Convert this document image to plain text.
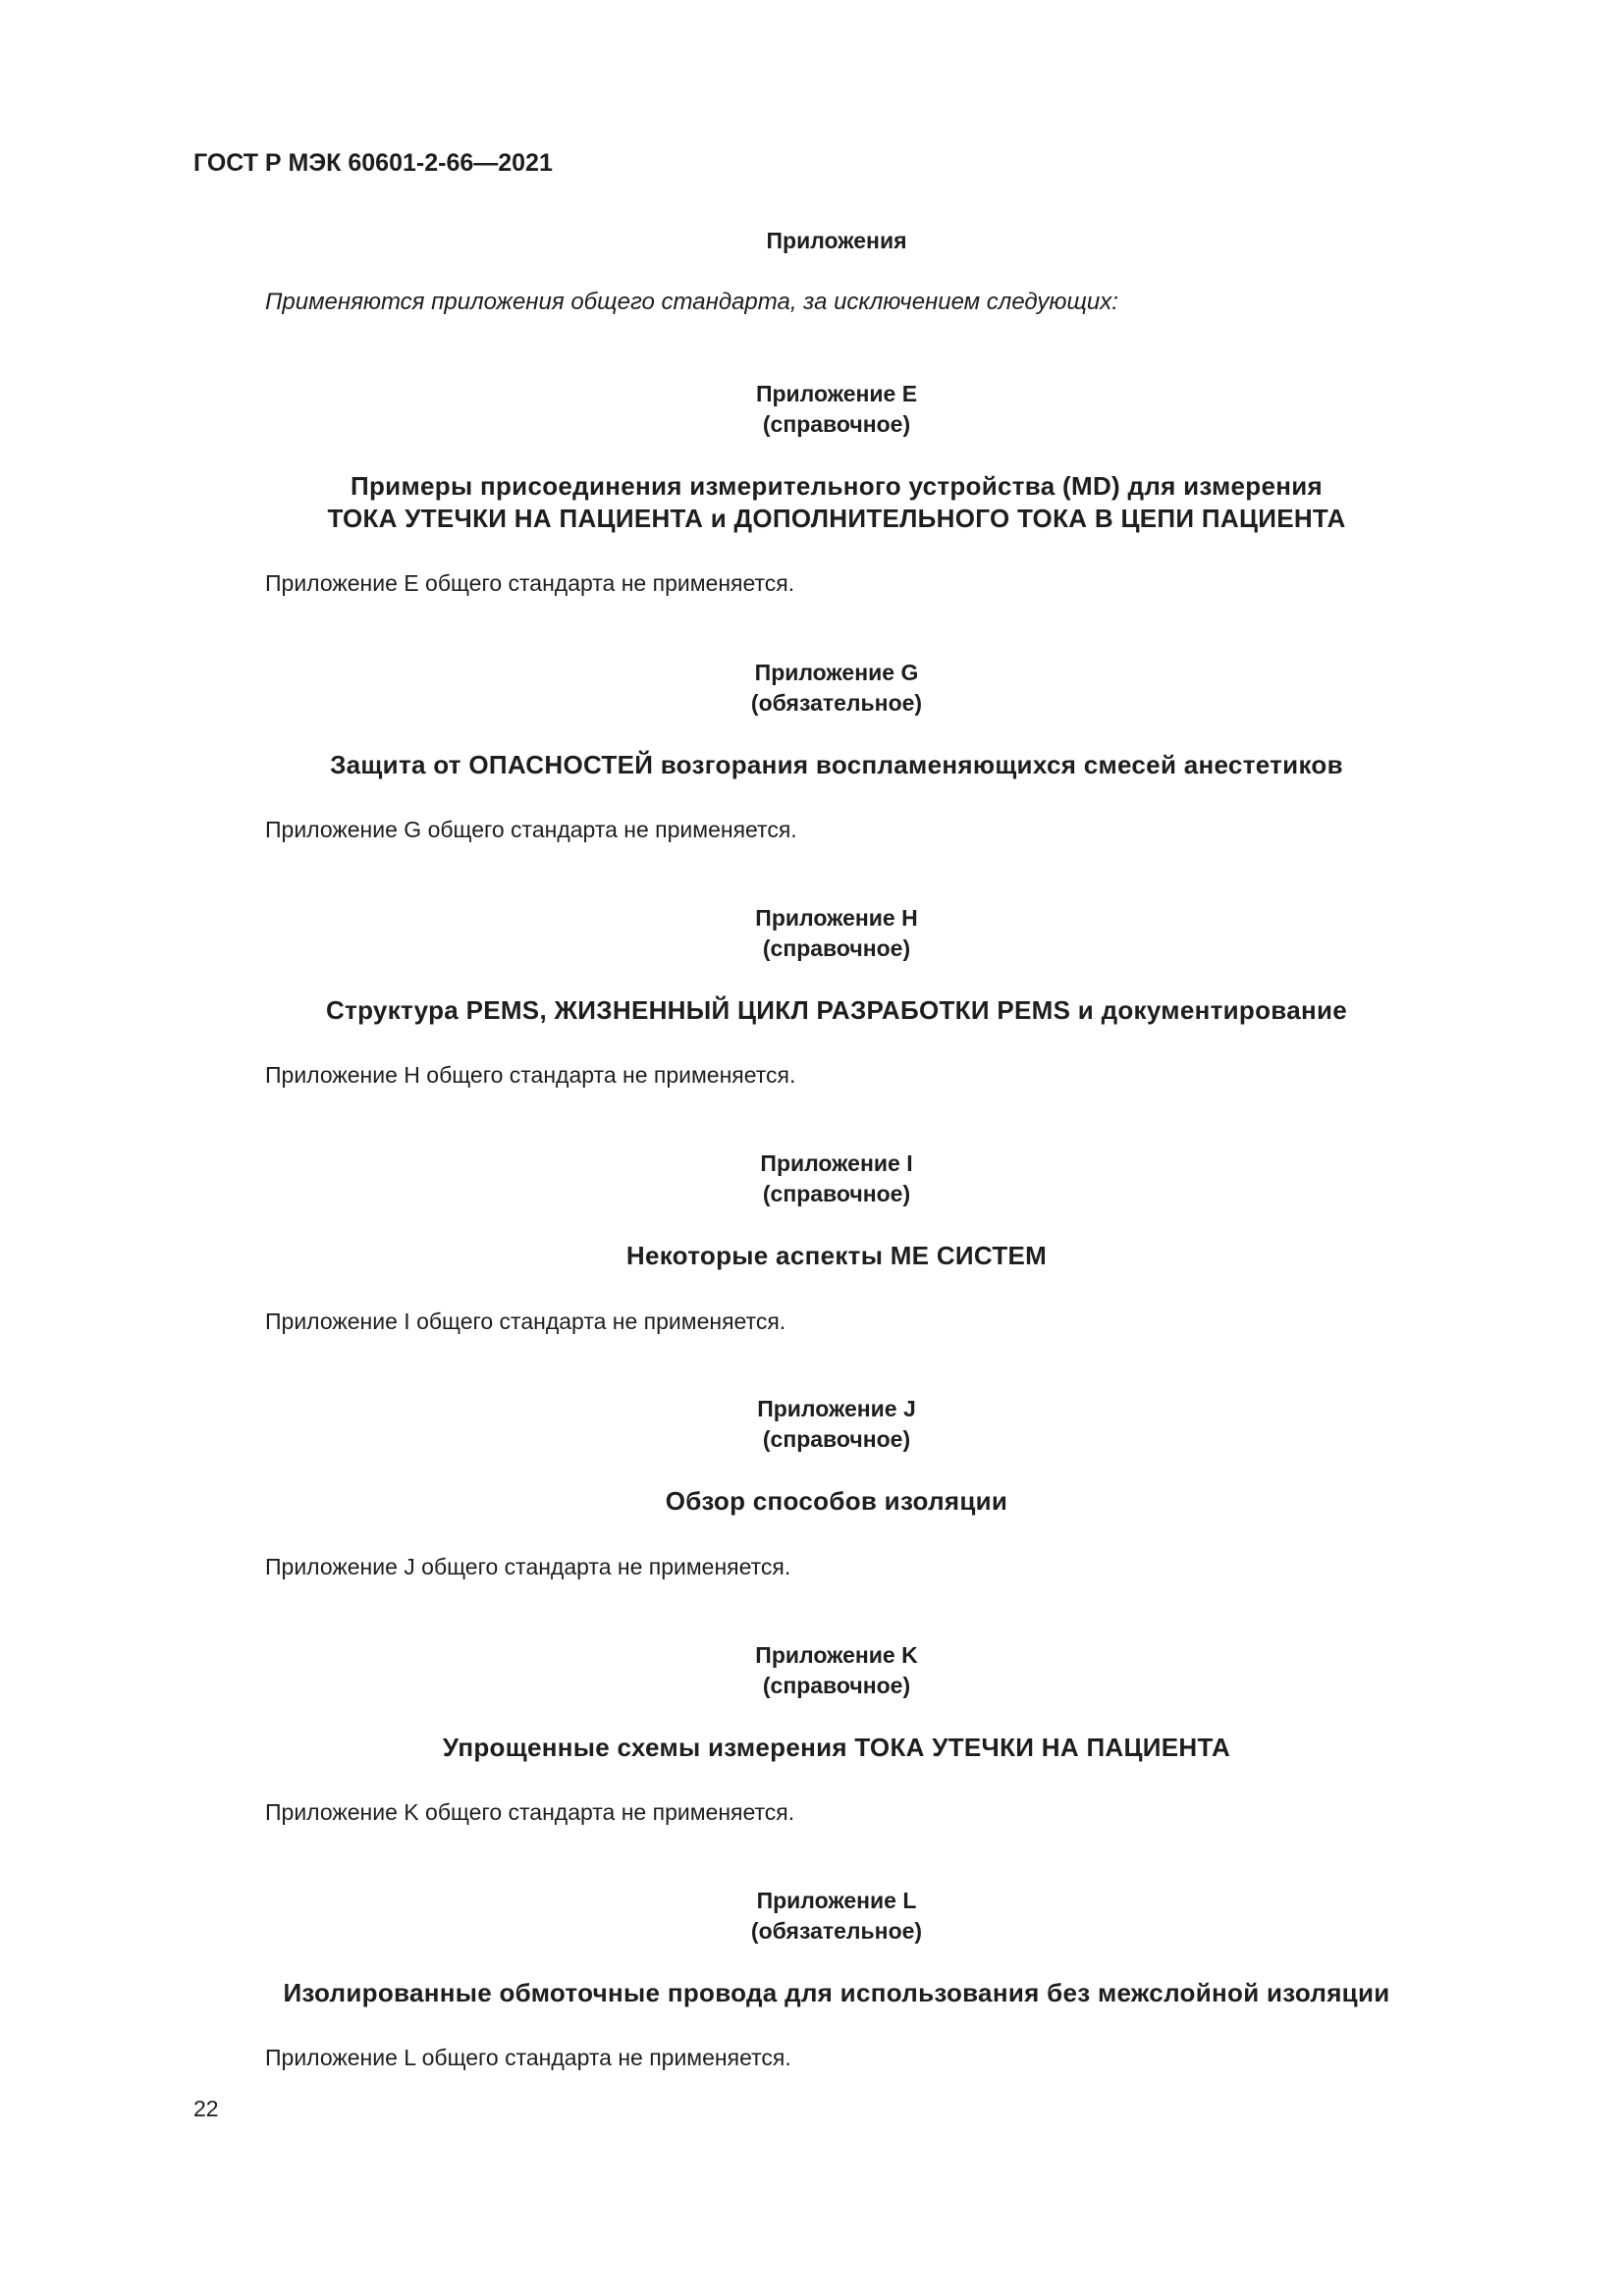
ГОСТ Р МЭК 60601-2-66—2021
Приложения
Применяются приложения общего стандарта, за исключением следующих:
Приложение E
(справочное)
Примеры присоединения измерительного устройства (MD) для измерения
ТОКА УТЕЧКИ НА ПАЦИЕНТА и ДОПОЛНИТЕЛЬНОГО ТОКА В ЦЕПИ ПАЦИЕНТА
Приложение E общего стандарта не применяется.
Приложение G
(обязательное)
Защита от ОПАСНОСТЕЙ возгорания воспламеняющихся смесей анестетиков
Приложение G общего стандарта не применяется.
Приложение H
(справочное)
Структура PEMS, ЖИЗНЕННЫЙ ЦИКЛ РАЗРАБОТКИ PEMS и документирование
Приложение H общего стандарта не применяется.
Приложение I
(справочное)
Некоторые аспекты МЕ СИСТЕМ
Приложение I общего стандарта не применяется.
Приложение J
(справочное)
Обзор способов изоляции
Приложение J общего стандарта не применяется.
Приложение K
(справочное)
Упрощенные схемы измерения ТОКА УТЕЧКИ НА ПАЦИЕНТА
Приложение K общего стандарта не применяется.
Приложение L
(обязательное)
Изолированные обмоточные провода для использования без межслойной изоляции
Приложение L общего стандарта не применяется.
22
